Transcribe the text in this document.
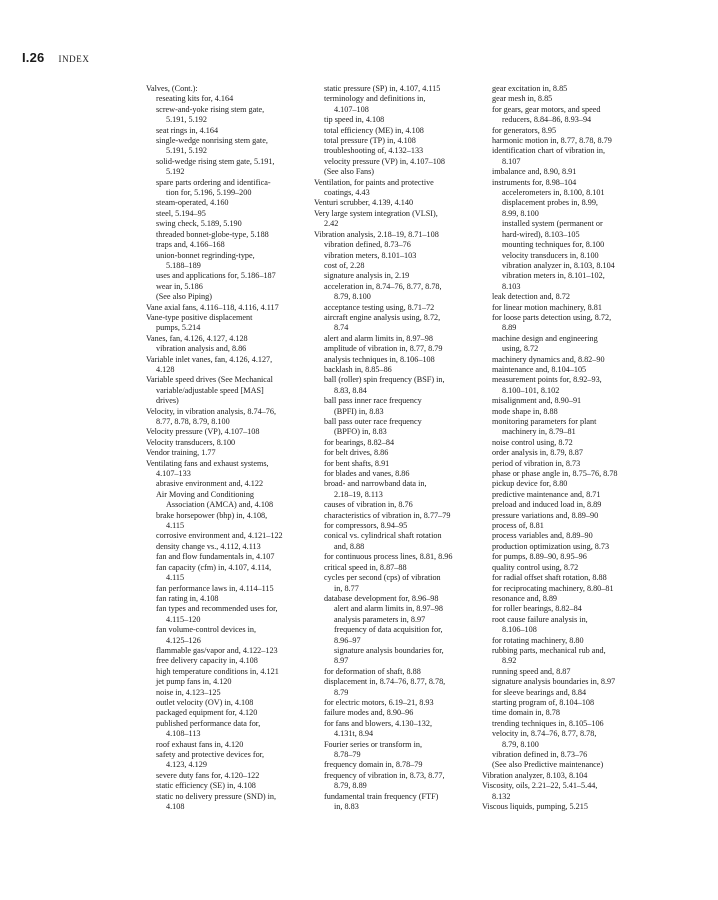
I.26 INDEX
Valves, (Cont.):
reseating kits for, 4.164
screw-and-yoke rising stem gate,
5.191, 5.192
seat rings in, 4.164
single-wedge nonrising stem gate,
5.191, 5.192
solid-wedge rising stem gate, 5.191,
5.192
spare parts ordering and identifica-
tion for, 5.196, 5.199–200
steam-operated, 4.160
steel, 5.194–95
swing check, 5.189, 5.190
threaded bonnet-globe-type, 5.188
traps and, 4.166–168
union-bonnet regrinding-type,
5.188–189
uses and applications for, 5.186–187
wear in, 5.186
(See also Piping)
Vane axial fans, 4.116–118, 4.116, 4.117
Vane-type positive displacement
pumps, 5.214
Vanes, fan, 4.126, 4.127, 4.128
vibration analysis and, 8.86
Variable inlet vanes, fan, 4.126, 4.127,
4.128
Variable speed drives (See Mechanical
variable/adjustable speed [MAS]
drives)
Velocity, in vibration analysis, 8.74–76,
8.77, 8.78, 8.79, 8.100
Velocity pressure (VP), 4.107–108
Velocity transducers, 8.100
Vendor training, 1.77
Ventilating fans and exhaust systems,
4.107–133
abrasive environment and, 4.122
Air Moving and Conditioning
Association (AMCA) and, 4.108
brake horsepower (bhp) in, 4.108,
4.115
corrosive environment and, 4.121–122
density change vs., 4.112, 4.113
fan and flow fundamentals in, 4.107
fan capacity (cfm) in, 4.107, 4.114,
4.115
fan performance laws in, 4.114–115
fan rating in, 4.108
fan types and recommended uses for,
4.115–120
fan volume-control devices in,
4.125–126
flammable gas/vapor and, 4.122–123
free delivery capacity in, 4.108
high temperature conditions in, 4.121
jet pump fans in, 4.120
noise in, 4.123–125
outlet velocity (OV) in, 4.108
packaged equipment for, 4.120
published performance data for,
4.108–113
roof exhaust fans in, 4.120
safety and protective devices for,
4.123, 4.129
severe duty fans for, 4.120–122
static efficiency (SE) in, 4.108
static no delivery pressure (SND) in,
4.108
static pressure (SP) in, 4.107, 4.115
terminology and definitions in,
4.107–108
tip speed in, 4.108
total efficiency (ME) in, 4.108
total pressure (TP) in, 4.108
troubleshooting of, 4.132–133
velocity pressure (VP) in, 4.107–108
(See also Fans)
Ventilation, for paints and protective
coatings, 4.43
Venturi scrubber, 4.139, 4.140
Very large system integration (VLSI),
2.42
Vibration analysis, 2.18–19, 8.71–108
vibration defined, 8.73–76
vibration meters, 8.101–103
cost of, 2.28
signature analysis in, 2.19
acceleration in, 8.74–76, 8.77, 8.78,
8.79, 8.100
acceptance testing using, 8.71–72
aircraft engine analysis using, 8.72,
8.74
alert and alarm limits in, 8.97–98
amplitude of vibration in, 8.77, 8.79
analysis techniques in, 8.106–108
backlash in, 8.85–86
ball (roller) spin frequency (BSF) in,
8.83, 8.84
ball pass inner race frequency
(BPFI) in, 8.83
ball pass outer race frequency
(BPFO) in, 8.83
for bearings, 8.82–84
for belt drives, 8.86
for bent shafts, 8.91
for blades and vanes, 8.86
broad- and narrowband data in,
2.18–19, 8.113
causes of vibration in, 8.76
characteristics of vibration in, 8.77–79
for compressors, 8.94–95
conical vs. cylindrical shaft rotation
and, 8.88
for continuous process lines, 8.81, 8.96
critical speed in, 8.87–88
cycles per second (cps) of vibration
in, 8.77
database development for, 8.96–98
alert and alarm limits in, 8.97–98
analysis parameters in, 8.97
frequency of data acquisition for,
8.96–97
signature analysis boundaries for,
8.97
for deformation of shaft, 8.88
displacement in, 8.74–76, 8.77, 8.78,
8.79
for electric motors, 6.19–21, 8.93
failure modes and, 8.90–96
for fans and blowers, 4.130–132,
4.131t, 8.94
Fourier series or transform in,
8.78–79
frequency domain in, 8.78–79
frequency of vibration in, 8.73, 8.77,
8.79, 8.89
fundamental train frequency (FTF)
in, 8.83
gear excitation in, 8.85
gear mesh in, 8.85
for gears, gear motors, and speed
reducers, 8.84–86, 8.93–94
for generators, 8.95
harmonic motion in, 8.77, 8.78, 8.79
identification chart of vibration in,
8.107
imbalance and, 8.90, 8.91
instruments for, 8.98–104
accelerometers in, 8.100, 8.101
displacement probes in, 8.99,
8.99, 8.100
installed system (permanent or
hard-wired), 8.103–105
mounting techniques for, 8.100
velocity transducers in, 8.100
vibration analyzer in, 8.103, 8.104
vibration meters in, 8.101–102,
8.103
leak detection and, 8.72
for linear motion machinery, 8.81
for loose parts detection using, 8.72,
8.89
machine design and engineering
using, 8.72
machinery dynamics and, 8.82–90
maintenance and, 8.104–105
measurement points for, 8.92–93,
8.100–101, 8.102
misalignment and, 8.90–91
mode shape in, 8.88
monitoring parameters for plant
machinery in, 8.79–81
noise control using, 8.72
order analysis in, 8.79, 8.87
period of vibration in, 8.73
phase or phase angle in, 8.75–76, 8.78
pickup device for, 8.80
predictive maintenance and, 8.71
preload and induced load in, 8.89
pressure variations and, 8.89–90
process of, 8.81
process variables and, 8.89–90
production optimization using, 8.73
for pumps, 8.89–90, 8.95–96
quality control using, 8.72
for radial offset shaft rotation, 8.88
for reciprocating machinery, 8.80–81
resonance and, 8.89
for roller bearings, 8.82–84
root cause failure analysis in,
8.106–108
for rotating machinery, 8.80
rubbing parts, mechanical rub and,
8.92
running speed and, 8.87
signature analysis boundaries in, 8.97
for sleeve bearings and, 8.84
starting program of, 8.104–108
time domain in, 8.78
trending techniques in, 8.105–106
velocity in, 8.74–76, 8.77, 8.78,
8.79, 8.100
vibration defined in, 8.73–76
(See also Predictive maintenance)
Vibration analyzer, 8.103, 8.104
Viscosity, oils, 2.21–22, 5.41–5.44,
8.132
Viscous liquids, pumping, 5.215
